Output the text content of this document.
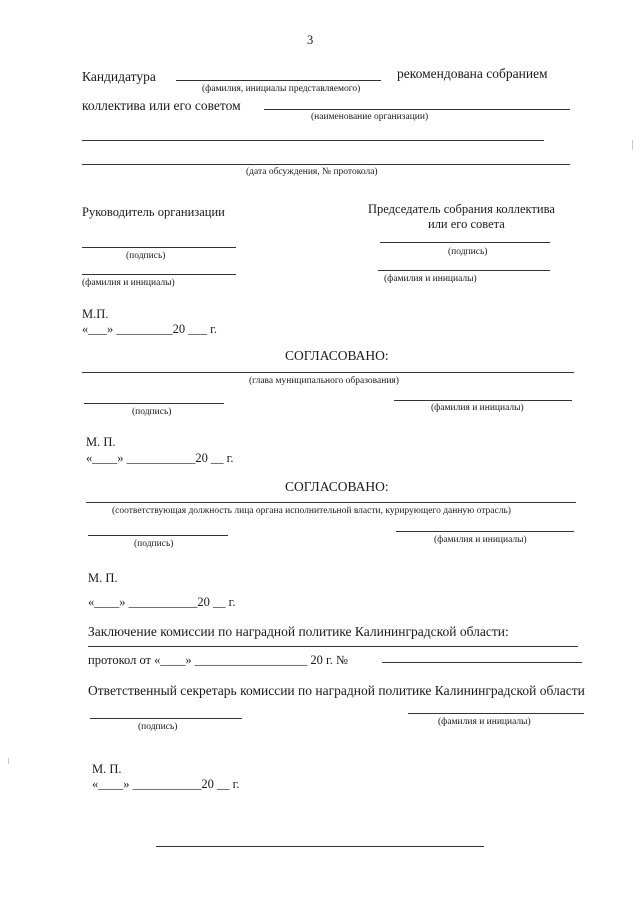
3
Кандидатура	рекомендована собранием
(фамилия, инициалы представляемого)
коллектива или его советом
(наименование организации)
(дата обсуждения, № протокола)
Руководитель организации	Председатель собрания коллектива
или его совета
(подпись)	(подпись)
(фамилия и инициалы)	(фамилия и инициалы)
М.П.
«___» _________20 ___ г.
СОГЛАСОВАНО:
(глава муниципального образования)
(подпись)	(фамилия и инициалы)
М. П.
«____» ___________20 __ г.
СОГЛАСОВАНО:
(соответствующая должность лица органа исполнительной власти, курирующего данную отрасль)
(подпись)	(фамилия и инициалы)
М. П.
«____» ___________20 __ г.
Заключение комиссии по наградной политике Калининградской области:
протокол от «____» __________________ 20 г. №
Ответственный секретарь комиссии по наградной политике Калининградской области
(подпись)	(фамилия и инициалы)
М. П.
«____» ___________20 __ г.
